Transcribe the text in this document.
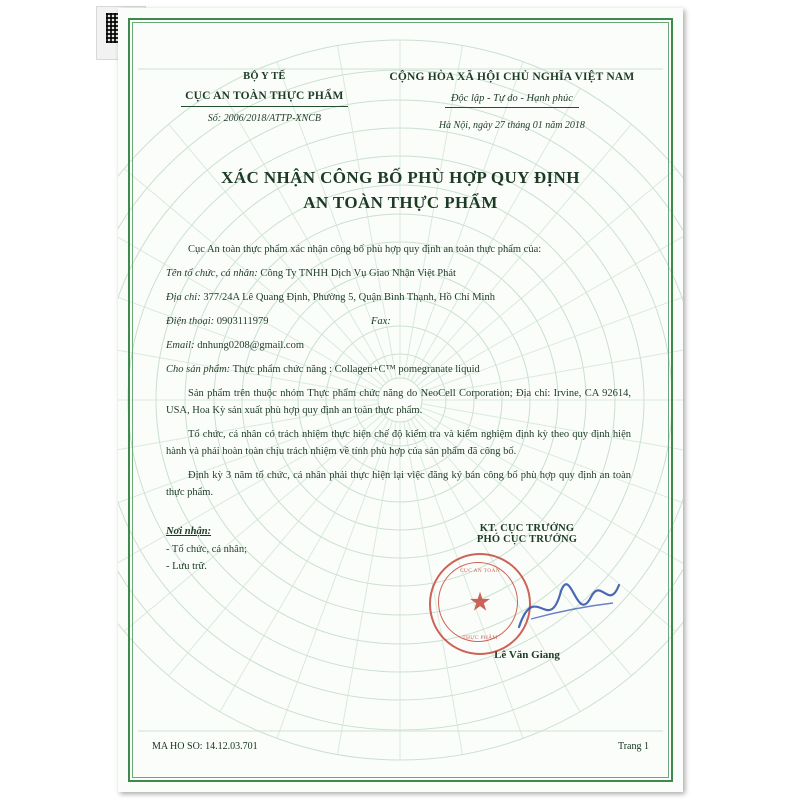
BỘ Y TẾ
CỤC AN TOÀN THỰC PHẨM
Số: 2006/2018/ATTP-XNCB
CỘNG HÒA XÃ HỘI CHỦ NGHĨA VIỆT NAM
Độc lập - Tự do - Hạnh phúc
Hà Nội, ngày 27 tháng 01 năm 2018
XÁC NHẬN CÔNG BỐ PHÙ HỢP QUY ĐỊNH
AN TOÀN THỰC PHẨM

Cục An toàn thực phẩm xác nhận công bố phù hợp quy định an toàn thực phẩm của:

Tên tổ chức, cá nhân: Công Ty TNHH Dịch Vụ Giao Nhận Việt Phát

Địa chỉ: 377/24A Lê Quang Định, Phường 5, Quận Bình Thạnh, Hồ Chí Minh

Điện thoại: 0903111979	Fax:

Email: dnhung0208@gmail.com

Cho sản phẩm: Thực phẩm chức năng : Collagen+C™ pomegranate liquid

Sản phẩm trên thuộc nhóm Thực phẩm chức năng do NeoCell Corporation; Địa chỉ: Irvine, CA 92614, USA, Hoa Kỳ sản xuất phù hợp quy định an toàn thực phẩm.

Tổ chức, cá nhân có trách nhiệm thực hiện chế độ kiểm tra và kiểm nghiệm định kỳ theo quy định hiện hành và phải hoàn toàn chịu trách nhiệm về tính phù hợp của sản phẩm đã công bố.

Định kỳ 3 năm tổ chức, cá nhân phải thực hiện lại việc đăng ký bản công bố phù hợp quy định an toàn thực phẩm.

Nơi nhận:
- Tổ chức, cá nhân;
- Lưu trữ.
KT. CỤC TRƯỞNG
PHÓ CỤC TRƯỞNG
CỤC AN TOÀN
★
THỰC PHẨM
Lê Văn Giang
MA HO SO: 14.12.03.701	Trang 1
